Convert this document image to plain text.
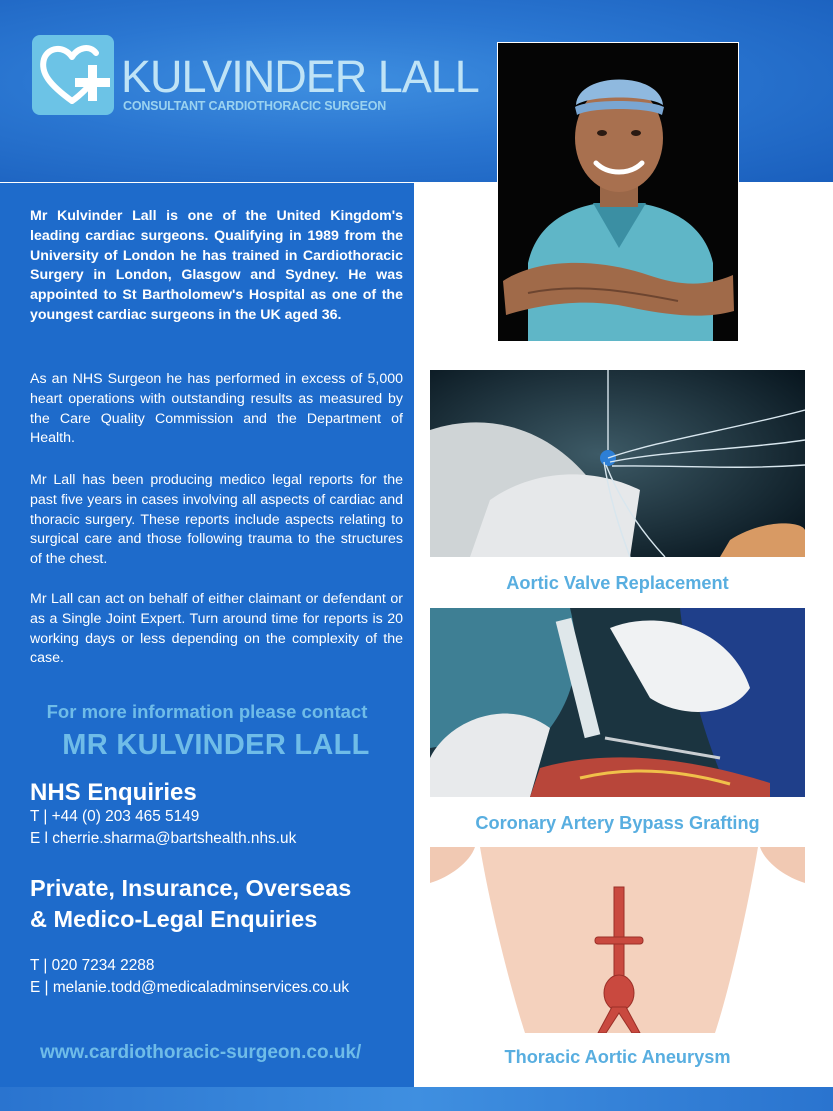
KULVINDER LALL
CONSULTANT CARDIOTHORACIC SURGEON

Mr Kulvinder Lall is one of the United Kingdom's leading cardiac surgeons. Qualifying in 1989 from the University of London he has trained in Cardiothoracic Surgery in London, Glasgow and Sydney. He was appointed to St Bartholomew's Hospital as one of the youngest cardiac surgeons in the UK aged 36.

As an NHS Surgeon he has performed in excess of 5,000 heart operations with outstanding results as measured by the Care Quality Commission and the Department of Health.

Mr Lall has been producing medico legal reports for the past five years in cases involving all aspects of cardiac and thoracic surgery. These reports include aspects relating to surgical care and those following trauma to the structures of the chest.

Mr Lall can act on behalf of either claimant or defendant or as a Single Joint Expert. Turn around time for reports is 20 working days or less depending on the complexity of the case.

For more information please contact
MR KULVINDER LALL
NHS Enquiries
T | +44 (0) 203 465 5149
E l cherrie.sharma@bartshealth.nhs.uk
Private, Insurance, Overseas
& Medico-Legal Enquiries
T | 020 7234 2288
E | melanie.todd@medicaladminservices.co.uk
www.cardiothoracic-surgeon.co.uk/
Aortic Valve Replacement
Coronary Artery Bypass Grafting
Thoracic Aortic Aneurysm
